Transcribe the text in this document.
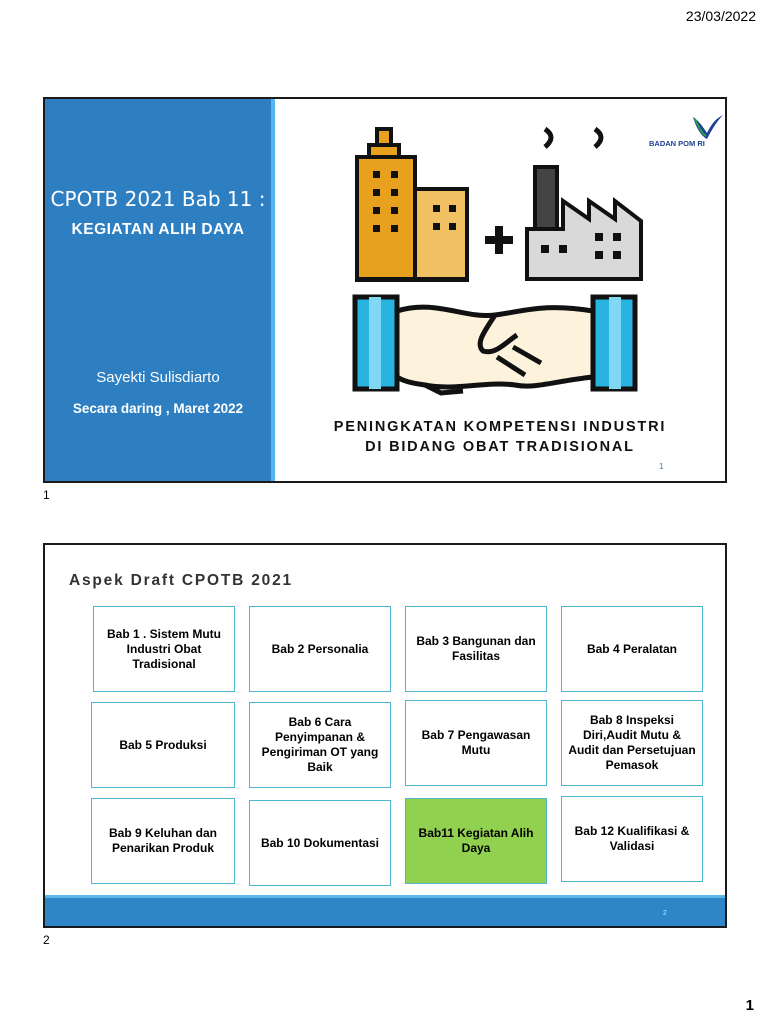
23/03/2022
CPOTB 2021 Bab 11 :
KEGIATAN ALIH DAYA
Sayekti Sulisdiarto
Secara daring , Maret 2022
BADAN POM RI
PENINGKATAN KOMPETENSI INDUSTRI
DI BIDANG OBAT TRADISIONAL
1
1
Aspek Draft CPOTB 2021
Bab 1 . Sistem Mutu Industri Obat Tradisional
Bab 2 Personalia
Bab 3 Bangunan dan Fasilitas
Bab 4 Peralatan
Bab 5 Produksi
Bab 6 Cara Penyimpanan & Pengiriman OT yang Baik
Bab 7 Pengawasan Mutu
Bab 8 Inspeksi Diri,Audit Mutu & Audit dan Persetujuan Pemasok
Bab 9 Keluhan dan Penarikan Produk	Bab 10 Dokumentasi
Bab11 Kegiatan Alih Daya
Bab 12 Kualifikasi & Validasi
2
2
1
